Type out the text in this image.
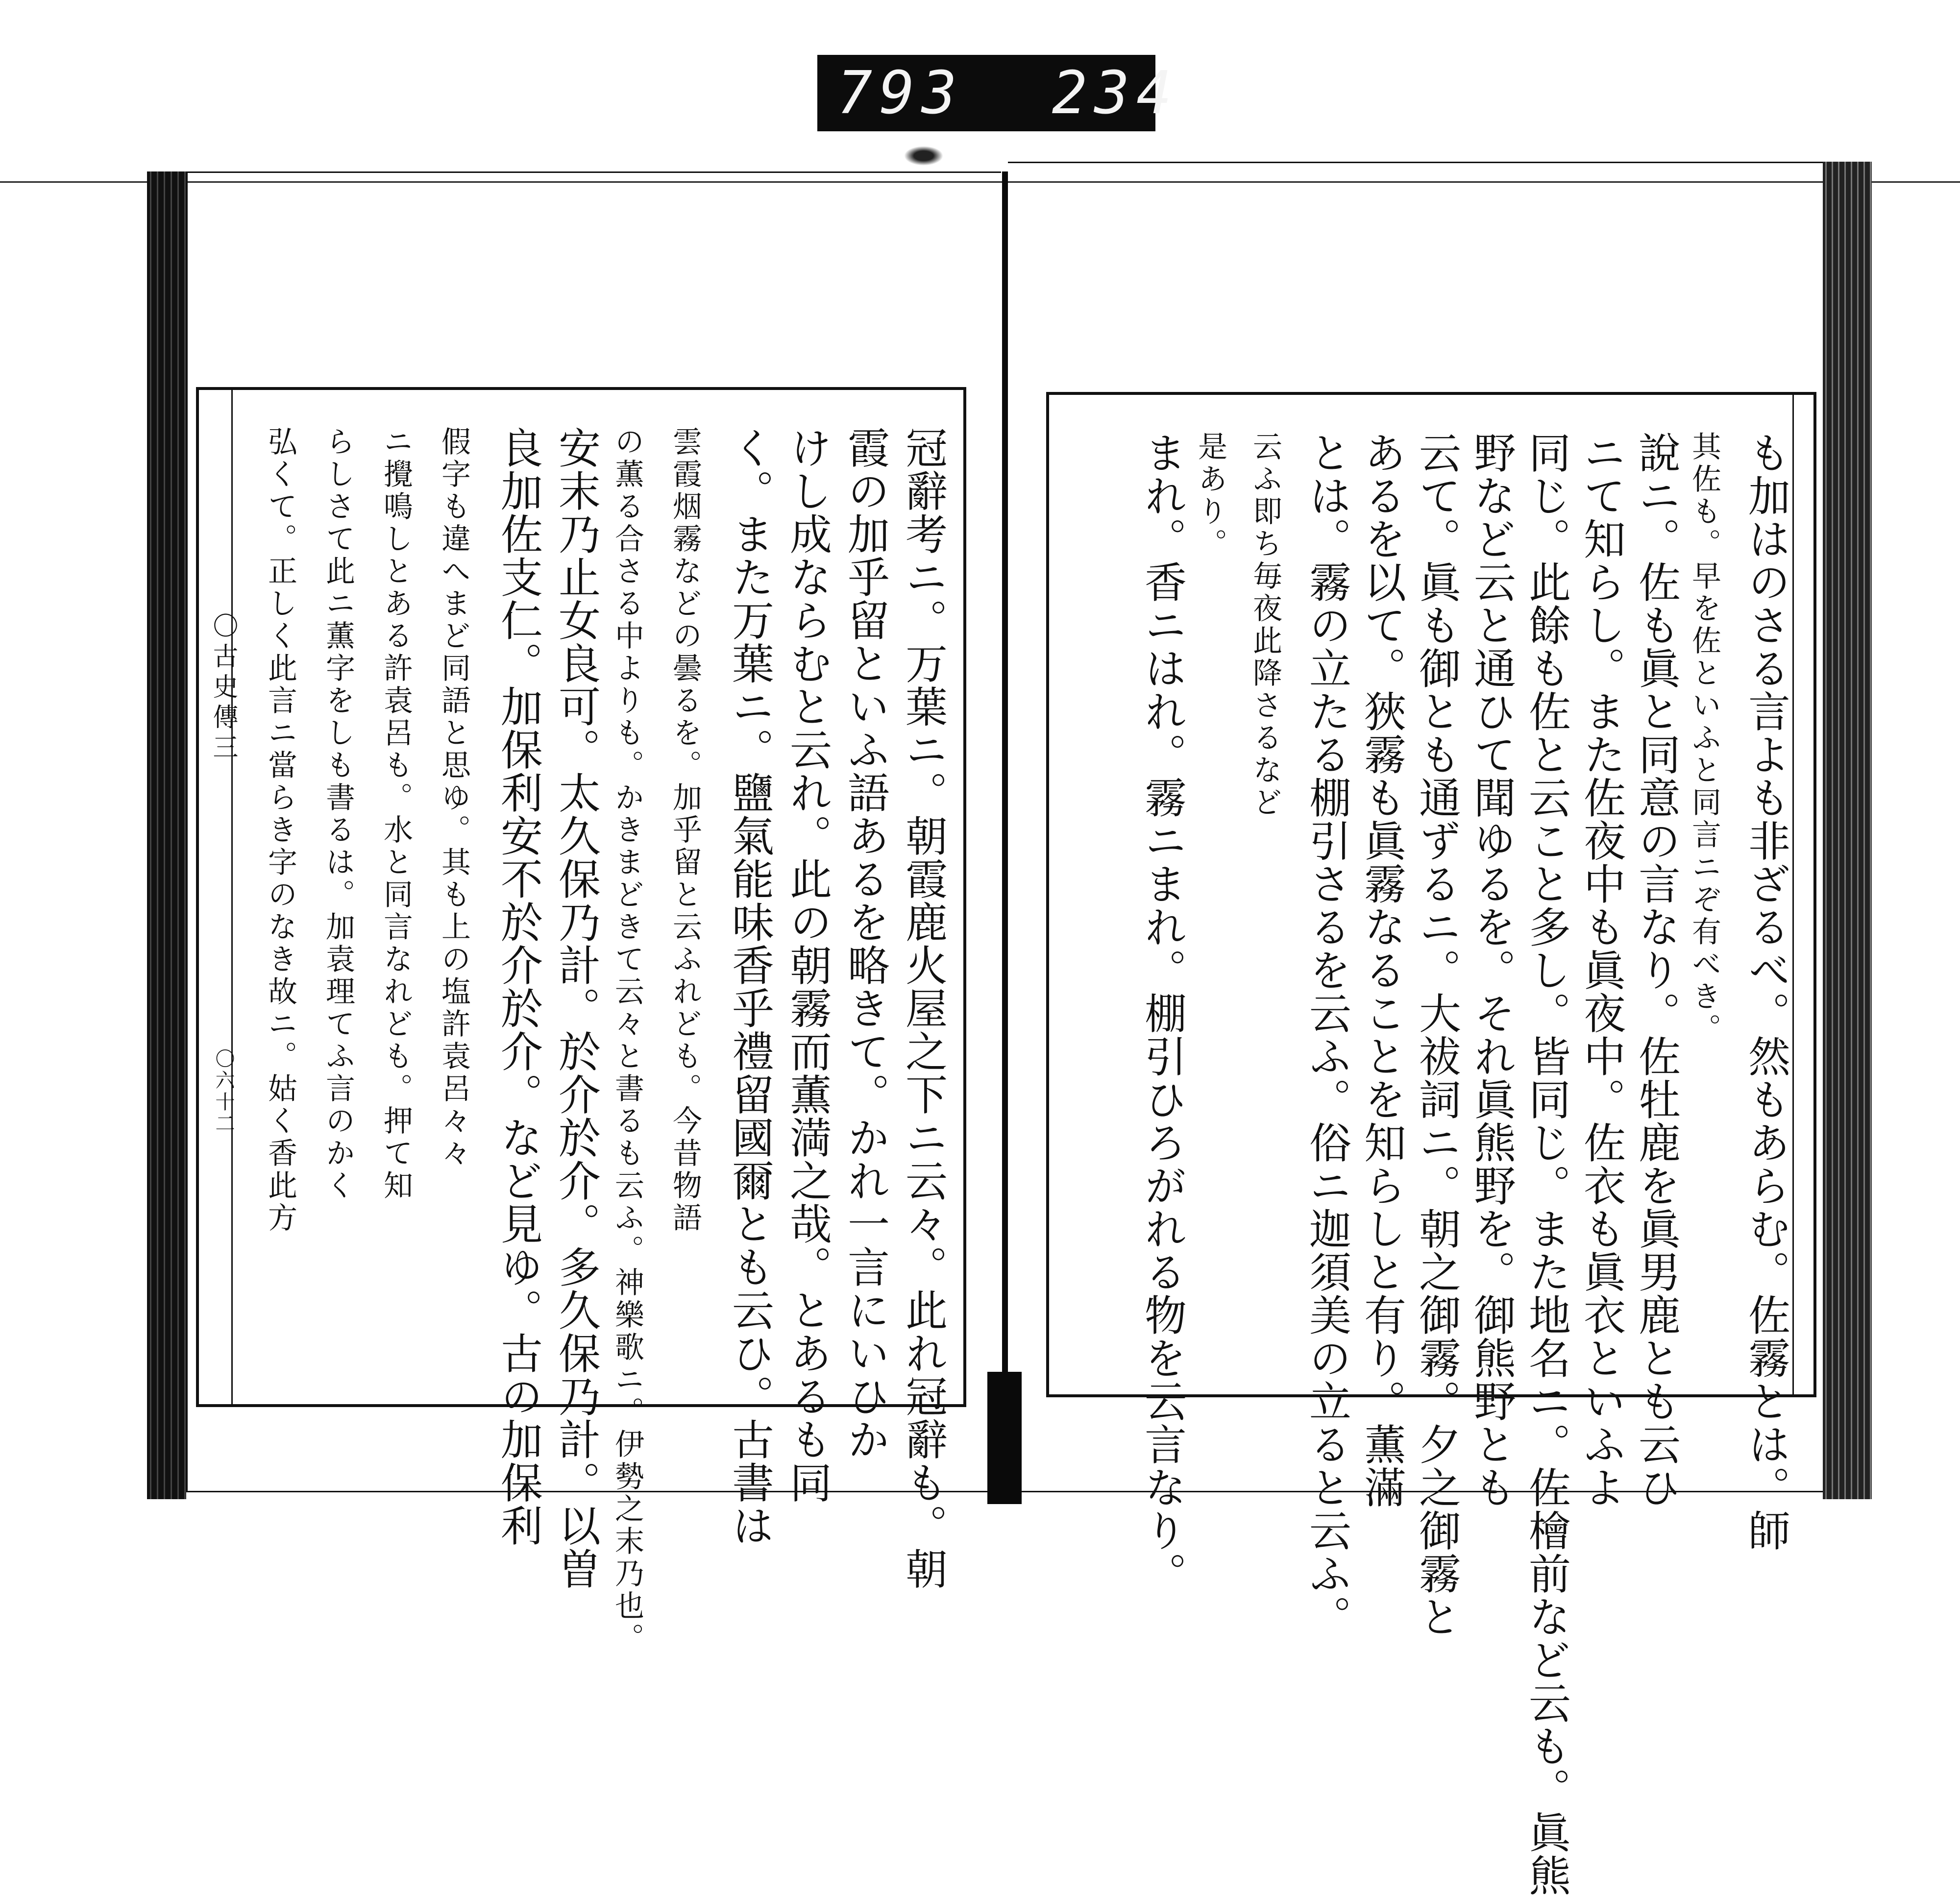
793 234
〇古史傳三
〇六十二	冠辭考ニ。万葉ニ。朝霞鹿火屋之下ニ云々。此れ冠辭も。朝
霞の加乎留といふ語あるを略きて。かれ一言にいひか
けし成ならむと云れ。此の朝霧而薫満之哉。とあるも同
く。また万葉ニ。鹽氣能味香乎禮留國爾とも云ひ。古書は
雲霞烟霧などの曇るを。加乎留と云ふれども。今昔物語
の薫る合さる中よりも。かきまどきて云々と書るも云ふ。神樂歌ニ。伊勢之末乃也。
安末乃止女良可。太久保乃計。於介於介。多久保乃計。以曽
良加佐支仁。加保利安不於介於介。など見ゆ。古の加保利
假字も違へまど同語と思ゆ。其も上の塩許袁呂々々
ニ攪鳴しとある許袁呂も。水と同言なれども。押て知
らしさて此ニ薫字をしも書るは。加袁理てふ言のかく
弘くて。正しく此言ニ當らき字のなき故ニ。姑く香此方	も加はのさる言よも非ざるべ。然もあらむ。佐霧とは。師
其佐も。早を佐といふと同言ニぞ有べき。
說ニ。佐も眞と同意の言なり。佐牡鹿を眞男鹿とも云ひ
ニて知らし。また佐夜中も眞夜中。佐衣も眞衣といふよ
同じ。此餘も佐と云こと多し。皆同じ。また地名ニ。佐檜前など云も。眞熊
野など云と通ひて聞ゆるを。それ眞熊野を。御熊野とも
云て。眞も御とも通ずるニ。大祓詞ニ。朝之御霧。夕之御霧と
あるを以て。狹霧も眞霧なることを知らしと有り。薫滿
とは。霧の立たる棚引さるを云ふ。俗ニ迦須美の立ると云ふ。
云ふ即ち毎夜此降さるなど
是あり。
まれ。香ニはれ。霧ニまれ。棚引ひろがれる物を云言なり。
